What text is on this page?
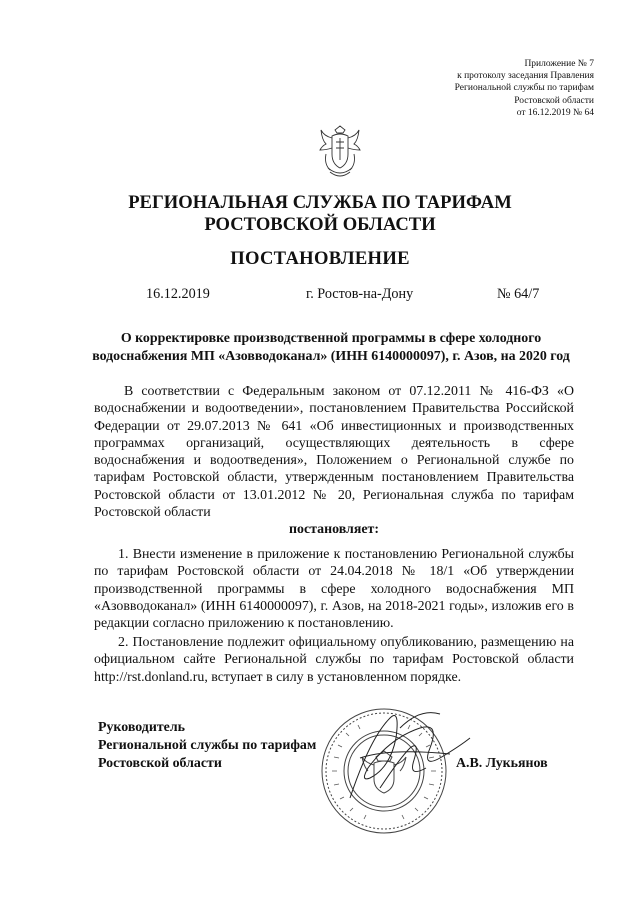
Приложение № 7
к протоколу заседания Правления
Региональной службы по тарифам
Ростовской области
от 16.12.2019 № 64
РЕГИОНАЛЬНАЯ СЛУЖБА ПО ТАРИФАМ
РОСТОВСКОЙ ОБЛАСТИ
ПОСТАНОВЛЕНИЕ
16.12.2019	г. Ростов-на-Дону	№ 64/7
О корректировке производственной программы в сфере холодного
водоснабжения МП «Азовводоканал» (ИНН 6140000097), г. Азов, на 2020 год

В соответствии с Федеральным законом от 07.12.2011 № 416-ФЗ «О водоснабжении и водоотведении», постановлением Правительства Российской Федерации от 29.07.2013 № 641 «Об инвестиционных и производственных программах организаций, осуществляющих деятельность в сфере водоснабжения и водоотведения», Положением о Региональной службе по тарифам Ростовской области, утвержденным постановлением Правительства Ростовской области от 13.01.2012 № 20, Региональная служба по тарифам Ростовской области

постановляет:

1. Внести изменение в приложение к постановлению Региональной службы по тарифам Ростовской области от 24.04.2018 № 18/1 «Об утверждении производственной программы в сфере холодного водоснабжения МП «Азовводоканал» (ИНН 6140000097), г. Азов, на 2018-2021 годы», изложив его в редакции согласно приложению к постановлению.

2. Постановление подлежит официальному опубликованию, размещению на официальном сайте Региональной службы по тарифам Ростовской области http://rst.donland.ru, вступает в силу в установленном порядке.

Руководитель
Региональной службы по тарифам
Ростовской области	А.В. Лукьянов
